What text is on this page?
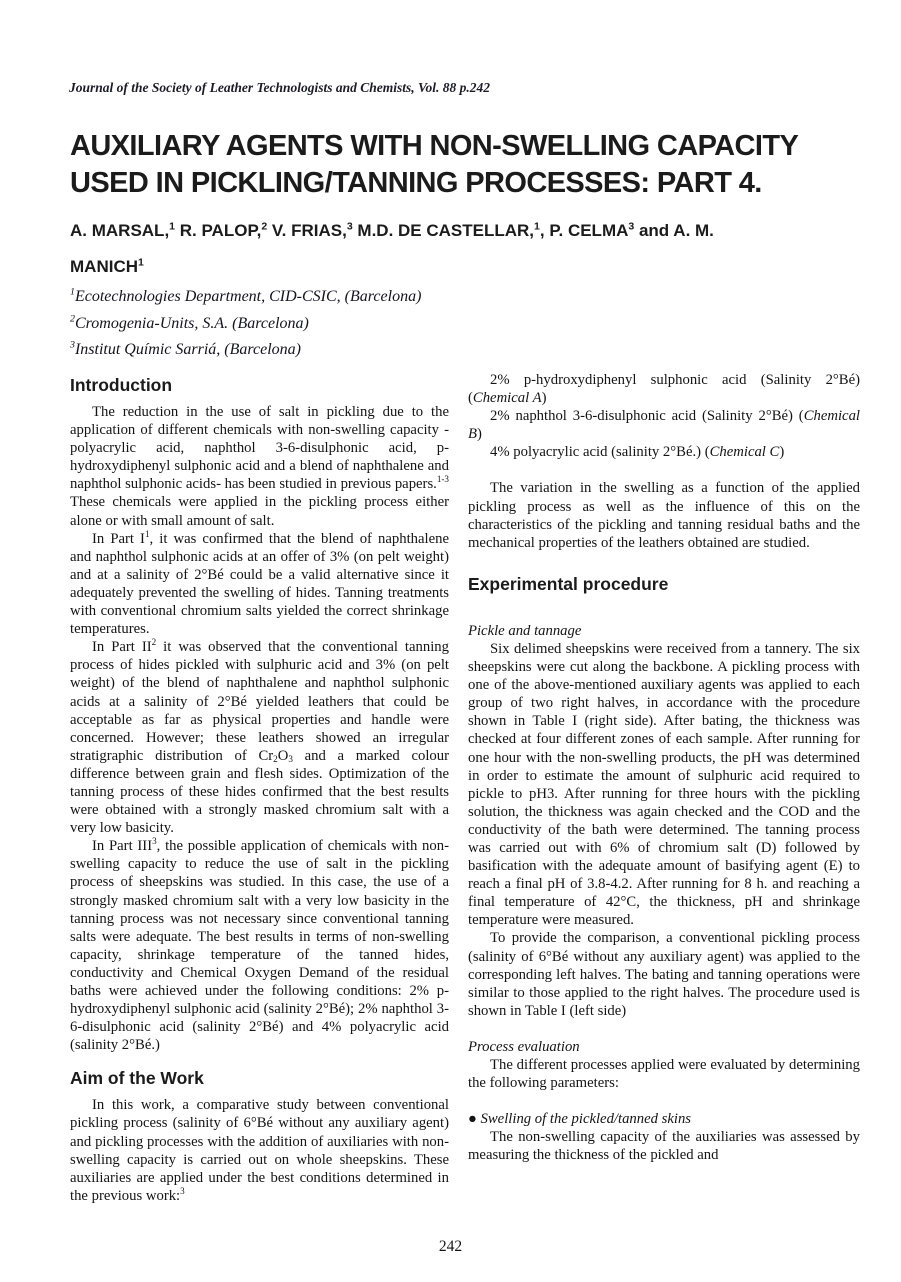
Journal of the Society of Leather Technologists and Chemists, Vol. 88 p.242
AUXILIARY AGENTS WITH NON-SWELLING CAPACITY USED IN PICKLING/TANNING PROCESSES: PART 4.
A. MARSAL,$^1$ R. PALOP,$^2$ V. FRIAS,$^3$ M.D. DE CASTELLAR,$^1$, P. CELMA$^3$ and A. M.
MANICH$^1$
$^1$Ecotechnologies Department, CID-CSIC, (Barcelona)
$^2$Cromogenia-Units, S.A. (Barcelona)
$^3$Institut Químic Sarriá, (Barcelona)
Introduction

The reduction in the use of salt in pickling due to the application of different chemicals with non-swelling capacity - polyacrylic acid, naphthol 3-6-disulphonic acid, p-hydroxydiphenyl sulphonic acid and a blend of naphthalene and naphthol sulphonic acids- has been studied in previous papers.$^{1-3}$ These chemicals were applied in the pickling process either alone or with small amount of salt.

In Part $I^1$, it was confirmed that the blend of naphthalene and naphthol sulphonic acids at an offer of 3% (on pelt weight) and at a salinity of 2°Bé could be a valid alternative since it adequately prevented the swelling of hides. Tanning treatments with conventional chromium salts yielded the correct shrinkage temperatures.

In Part $II^2$ it was observed that the conventional tanning process of hides pickled with sulphuric acid and 3% (on pelt weight) of the blend of naphthalene and naphthol sulphonic acids at a salinity of 2°Bé yielded leathers that could be acceptable as far as physical properties and handle were concerned. However; these leathers showed an irregular stratigraphic distribution of $Cr_2O_3$ and a marked colour difference between grain and flesh sides. Optimization of the tanning process of these hides confirmed that the best results were obtained with a strongly masked chromium salt with a very low basicity.

In Part III$^3$, the possible application of chemicals with non-swelling capacity to reduce the use of salt in the pickling process of sheepskins was studied. In this case, the use of a strongly masked chromium salt with a very low basicity in the tanning process was not necessary since conventional tanning salts were adequate. The best results in terms of non-swelling capacity, shrinkage temperature of the tanned hides, conductivity and Chemical Oxygen Demand of the residual baths were achieved under the following conditions: 2% p-hydroxydiphenyl sulphonic acid (salinity 2°Bé); 2% naphthol 3-6-disulphonic acid (salinity 2°Bé) and 4% polyacrylic acid (salinity 2°Bé.)

Aim of the Work

In this work, a comparative study between conventional pickling process (salinity of 6°Bé without any auxiliary agent) and pickling processes with the addition of auxiliaries with non-swelling capacity is carried out on whole sheepskins. These auxiliaries are applied under the best conditions determined in the previous work:$^3$

2% p-hydroxydiphenyl sulphonic acid (Salinity 2°Bé) (Chemical A)

2% naphthol 3-6-disulphonic acid (Salinity 2°Bé) (Chemical B)

4% polyacrylic acid (salinity 2°Bé.) (Chemical C)

The variation in the swelling as a function of the applied pickling process as well as the influence of this on the characteristics of the pickling and tanning residual baths and the mechanical properties of the leathers obtained are studied.

Experimental procedure
Pickle and tannage

Six delimed sheepskins were received from a tannery. The six sheepskins were cut along the backbone. A pickling process with one of the above-mentioned auxiliary agents was applied to each group of two right halves, in accordance with the procedure shown in Table I (right side). After bating, the thickness was checked at four different zones of each sample. After running for one hour with the non-swelling products, the pH was determined in order to estimate the amount of sulphuric acid required to pickle to pH3. After running for three hours with the pickling solution, the thickness was again checked and the COD and the conductivity of the bath were determined. The tanning process was carried out with 6% of chromium salt (D) followed by basification with the adequate amount of basifying agent (E) to reach a final pH of 3.8-4.2. After running for 8 h. and reaching a final temperature of 42°C, the thickness, pH and shrinkage temperature were measured.

To provide the comparison, a conventional pickling process (salinity of 6°Bé without any auxiliary agent) was applied to the corresponding left halves. The bating and tanning operations were similar to those applied to the right halves. The procedure used is shown in Table I (left side)

Process evaluation

The different processes applied were evaluated by determining the following parameters:

● Swelling of the pickled/tanned skins

The non-swelling capacity of the auxiliaries was assessed by measuring the thickness of the pickled and

242
